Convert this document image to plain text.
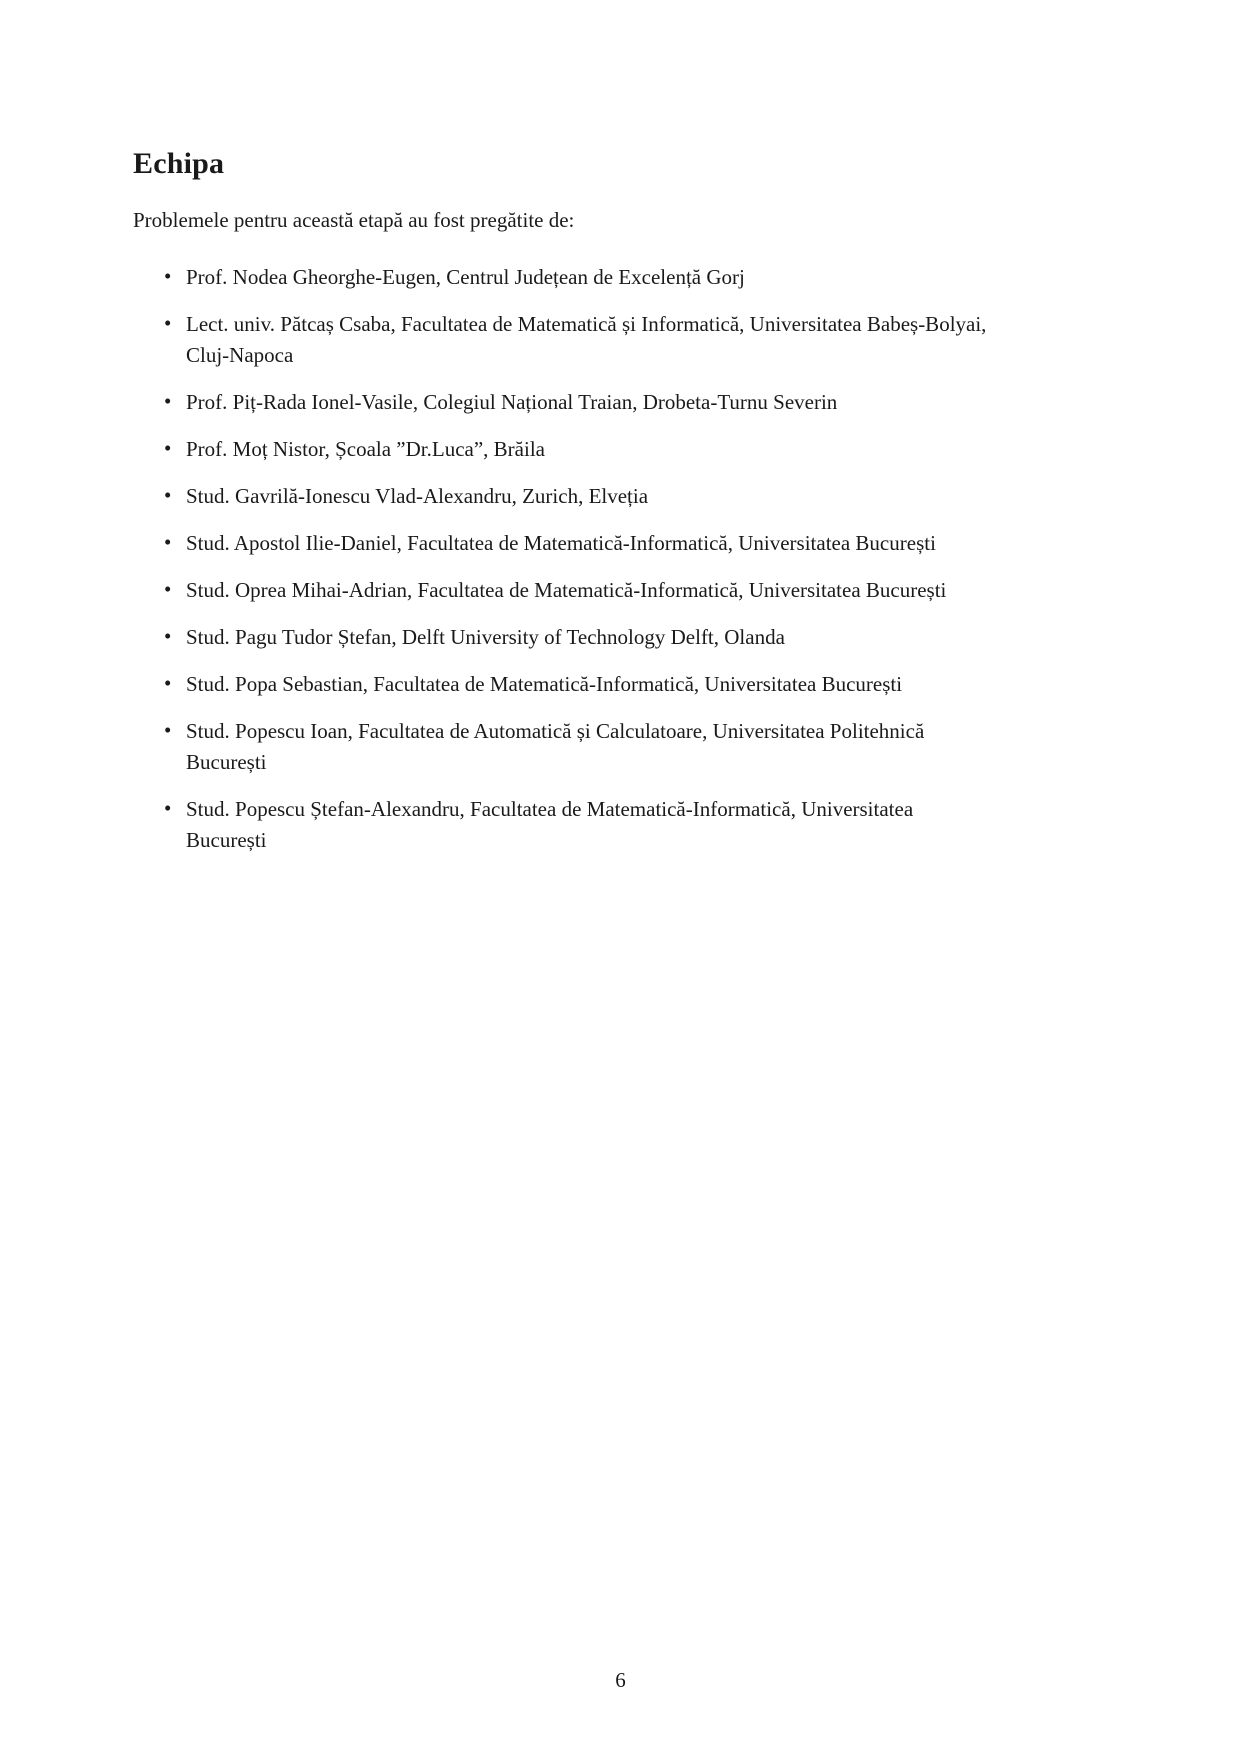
Echipa

Problemele pentru această etapă au fost pregătite de:

• Prof. Nodea Gheorghe-Eugen, Centrul Județean de Excelență Gorj
• Lect. univ. Pătcaș Csaba, Facultatea de Matematică și Informatică, Universitatea Babeș-Bolyai, Cluj-Napoca
• Prof. Piț-Rada Ionel-Vasile, Colegiul Național Traian, Drobeta-Turnu Severin
• Prof. Moț Nistor, Școala ”Dr.Luca”, Brăila
• Stud. Gavrilă-Ionescu Vlad-Alexandru, Zurich, Elveția
• Stud. Apostol Ilie-Daniel, Facultatea de Matematică-Informatică, Universitatea București
• Stud. Oprea Mihai-Adrian, Facultatea de Matematică-Informatică, Universitatea București
• Stud. Pagu Tudor Ștefan, Delft University of Technology Delft, Olanda
• Stud. Popa Sebastian, Facultatea de Matematică-Informatică, Universitatea București
• Stud. Popescu Ioan, Facultatea de Automatică și Calculatoare, Universitatea Politehnică București
• Stud. Popescu Ștefan-Alexandru, Facultatea de Matematică-Informatică, Universitatea București
6
